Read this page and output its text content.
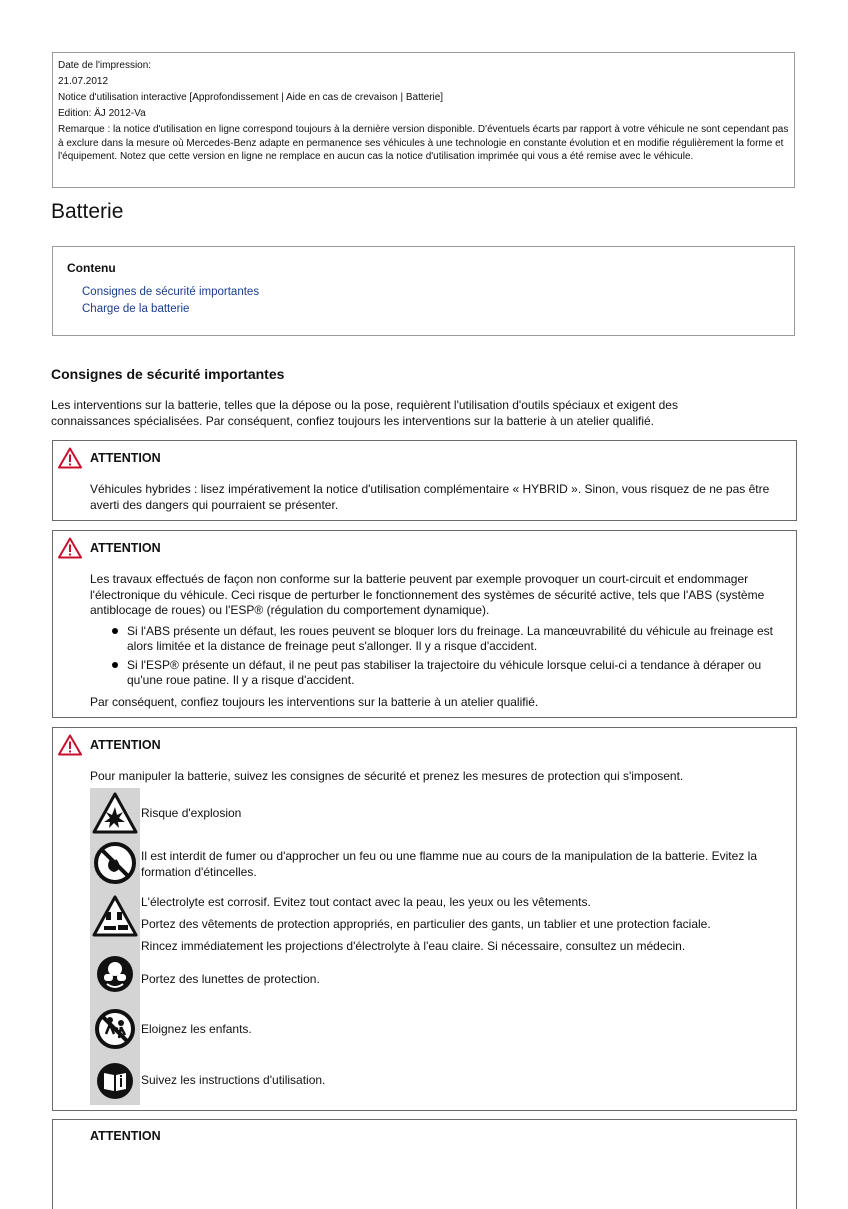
Date de l'impression:
21.07.2012
Notice d'utilisation interactive [Approfondissement | Aide en cas de crevaison | Batterie]
Edition: ÄJ 2012-Va
Remarque : la notice d'utilisation en ligne correspond toujours à la dernière version disponible. D'éventuels écarts par rapport à votre véhicule ne sont cependant pas à exclure dans la mesure où Mercedes-Benz adapte en permanence ses véhicules à une technologie en constante évolution et en modifie régulièrement la forme et l'équipement. Notez que cette version en ligne ne remplace en aucun cas la notice d'utilisation imprimée qui vous a été remise avec le véhicule.
Batterie
Contenu
Consignes de sécurité importantes
Charge de la batterie
Consignes de sécurité importantes

Les interventions sur la batterie, telles que la dépose ou la pose, requièrent l'utilisation d'outils spéciaux et exigent des connaissances spécialisées. Par conséquent, confiez toujours les interventions sur la batterie à un atelier qualifié.

ATTENTION

Véhicules hybrides : lisez impérativement la notice d'utilisation complémentaire « HYBRID ». Sinon, vous risquez de ne pas être averti des dangers qui pourraient se présenter.

ATTENTION

Les travaux effectués de façon non conforme sur la batterie peuvent par exemple provoquer un court-circuit et endommager l'électronique du véhicule. Ceci risque de perturber le fonctionnement des systèmes de sécurité active, tels que l'ABS (système antiblocage de roues) ou l'ESP® (régulation du comportement dynamique).

Si l'ABS présente un défaut, les roues peuvent se bloquer lors du freinage. La manœuvrabilité du véhicule au freinage est alors limitée et la distance de freinage peut s'allonger. Il y a risque d'accident.
Si l'ESP® présente un défaut, il ne peut pas stabiliser la trajectoire du véhicule lorsque celui-ci a tendance à déraper ou qu'une roue patine. Il y a risque d'accident.

Par conséquent, confiez toujours les interventions sur la batterie à un atelier qualifié.

ATTENTION

Pour manipuler la batterie, suivez les consignes de sécurité et prenez les mesures de protection qui s'imposent.

Risque d'explosion
Il est interdit de fumer ou d'approcher un feu ou une flamme nue au cours de la manipulation de la batterie. Evitez la formation d'étincelles.
L'électrolyte est corrosif. Evitez tout contact avec la peau, les yeux ou les vêtements.
Portez des vêtements de protection appropriés, en particulier des gants, un tablier et une protection faciale.
Rincez immédiatement les projections d'électrolyte à l'eau claire. Si nécessaire, consultez un médecin.
Portez des lunettes de protection.
Eloignez les enfants.
Suivez les instructions d'utilisation.
ATTENTION
